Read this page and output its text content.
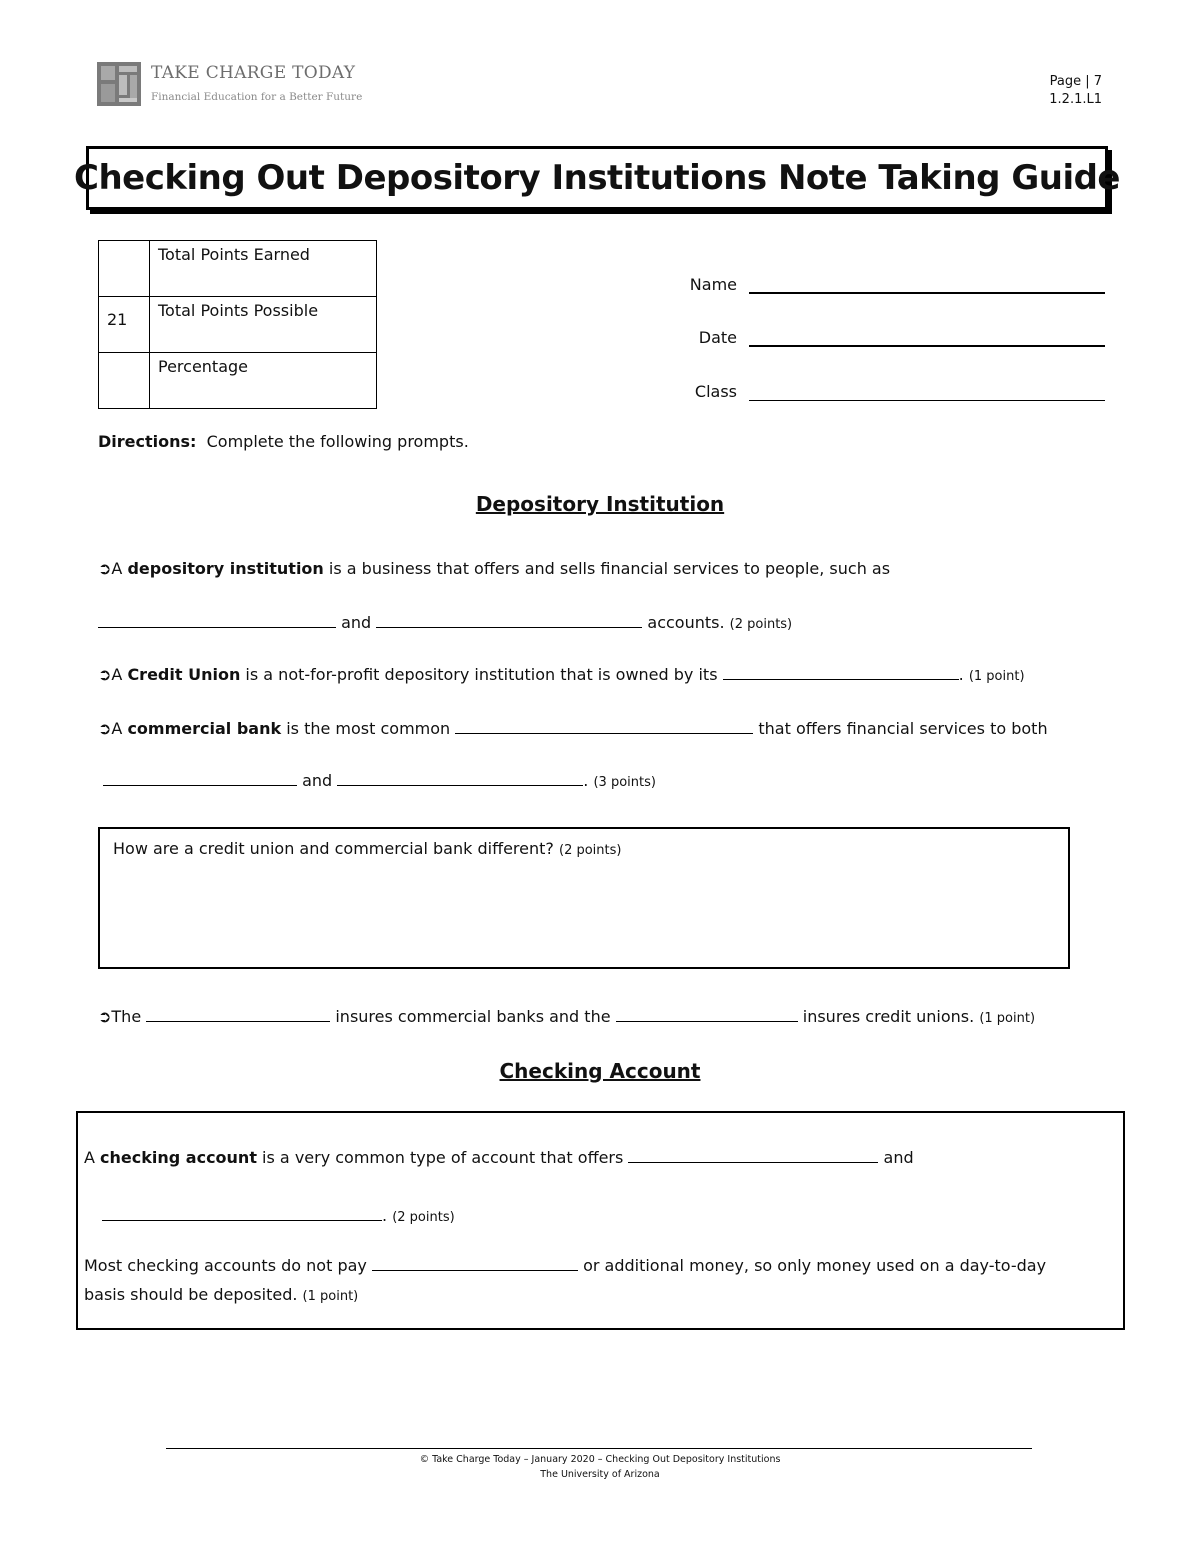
TAKE CHARGE TODAY
Financial Education for a Better Future
Page | 7
1.2.1.L1
Checking Out Depository Institutions Note Taking Guide
	Total Points Earned
21	Total Points Possible
	Percentage
Name
Date
Class
Directions: Complete the following prompts.
Depository Institution
➲A depository institution is a business that offers and sells financial services to people, such as
and	accounts. (2 points)
➲A Credit Union is a not-for-profit depository institution that is owned by its	. (1 point)
➲A commercial bank is the most common	that offers financial services to both
and	. (3 points)
How are a credit union and commercial bank different? (2 points)
➲The	insures commercial banks and the	insures credit unions. (1 point)
Checking Account
A checking account is a very common type of account that offers	and
. (2 points)
Most checking accounts do not pay	or additional money, so only money used on a day-to-day
basis should be deposited. (1 point)
© Take Charge Today – January 2020 – Checking Out Depository Institutions
The University of Arizona
